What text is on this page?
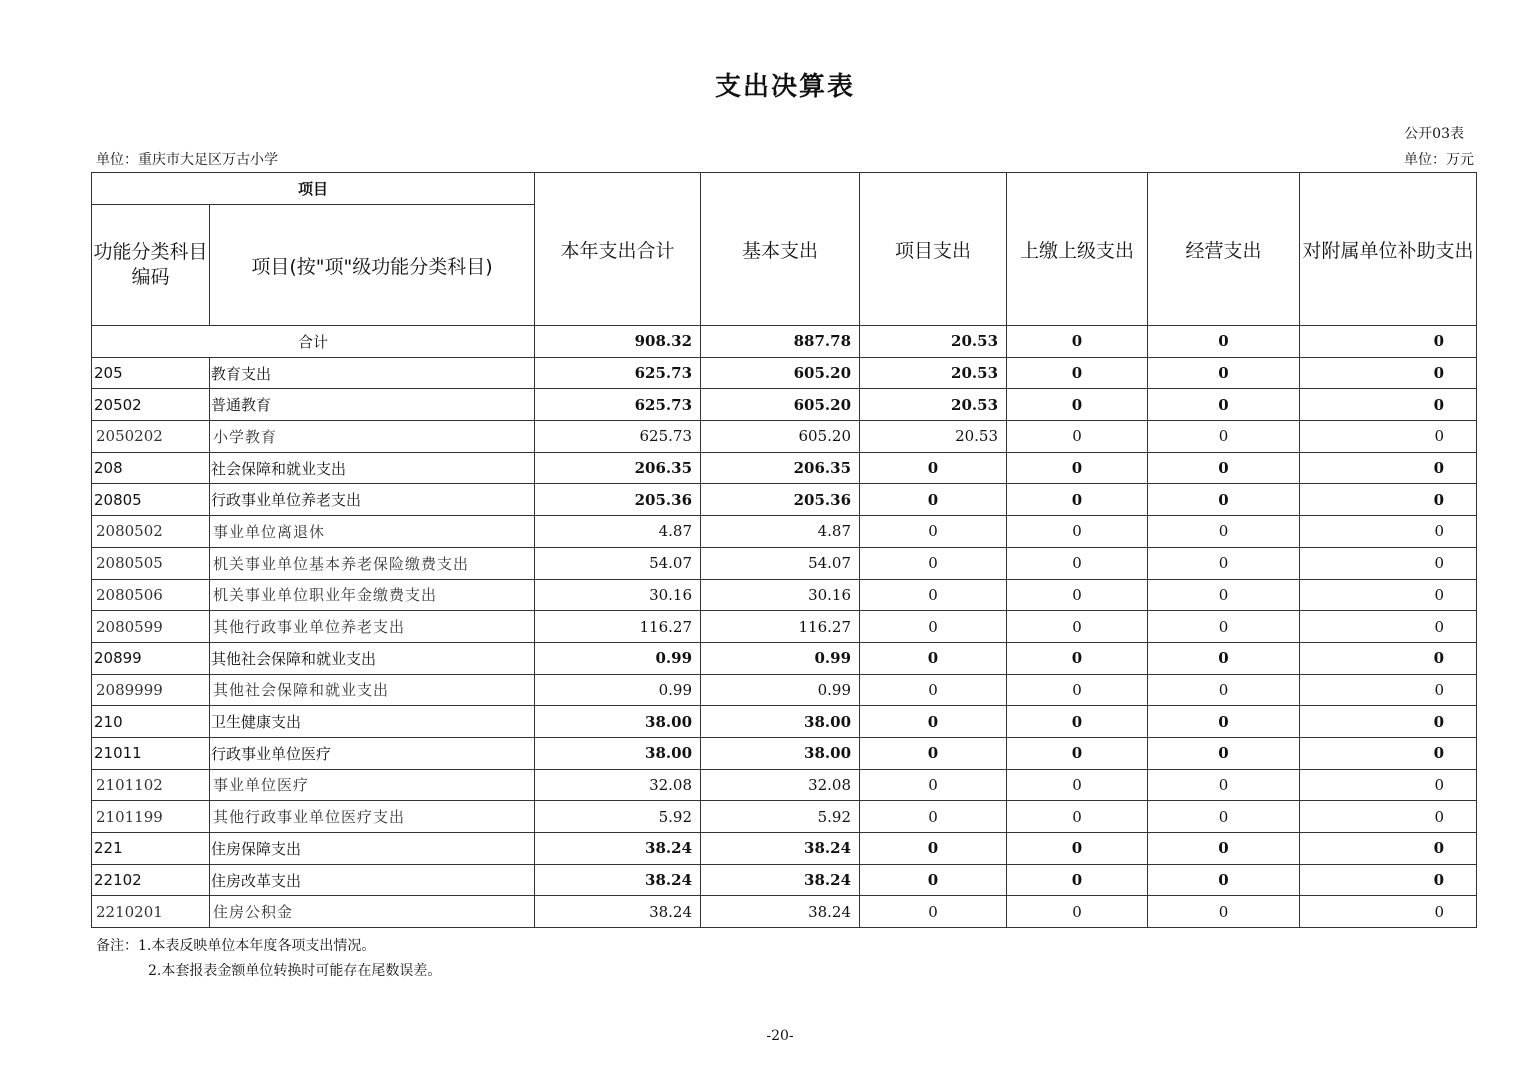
支出决算表
公开03表
单位：重庆市大足区万古小学	单位：万元
项目		本年支出合计	基本支出	项目支出	上缴上级支出	经营支出	对附属单位补助支出
功能分类科目编码	项目(按"项"级功能分类科目)						
合计		908.32	887.78	20.53	0	0	0
205	教育支出	625.73	605.20	20.53	0	0	0
20502	普通教育	625.73	605.20	20.53	0	0	0
2050202	小学教育	625.73	605.20	20.53	0	0	0
208	社会保障和就业支出	206.35	206.35	0	0	0	0
20805	行政事业单位养老支出	205.36	205.36	0	0	0	0
2080502	事业单位离退休	4.87	4.87	0	0	0	0
2080505	机关事业单位基本养老保险缴费支出	54.07	54.07	0	0	0	0
2080506	机关事业单位职业年金缴费支出	30.16	30.16	0	0	0	0
2080599	其他行政事业单位养老支出	116.27	116.27	0	0	0	0
20899	其他社会保障和就业支出	0.99	0.99	0	0	0	0
2089999	其他社会保障和就业支出	0.99	0.99	0	0	0	0
210	卫生健康支出	38.00	38.00	0	0	0	0
21011	行政事业单位医疗	38.00	38.00	0	0	0	0
2101102	事业单位医疗	32.08	32.08	0	0	0	0
2101199	其他行政事业单位医疗支出	5.92	5.92	0	0	0	0
221	住房保障支出	38.24	38.24	0	0	0	0
22102	住房改革支出	38.24	38.24	0	0	0	0
2210201	住房公积金	38.24	38.24	0	0	0	0
备注：1.本表反映单位本年度各项支出情况。
2.本套报表金额单位转换时可能存在尾数误差。
-20-
